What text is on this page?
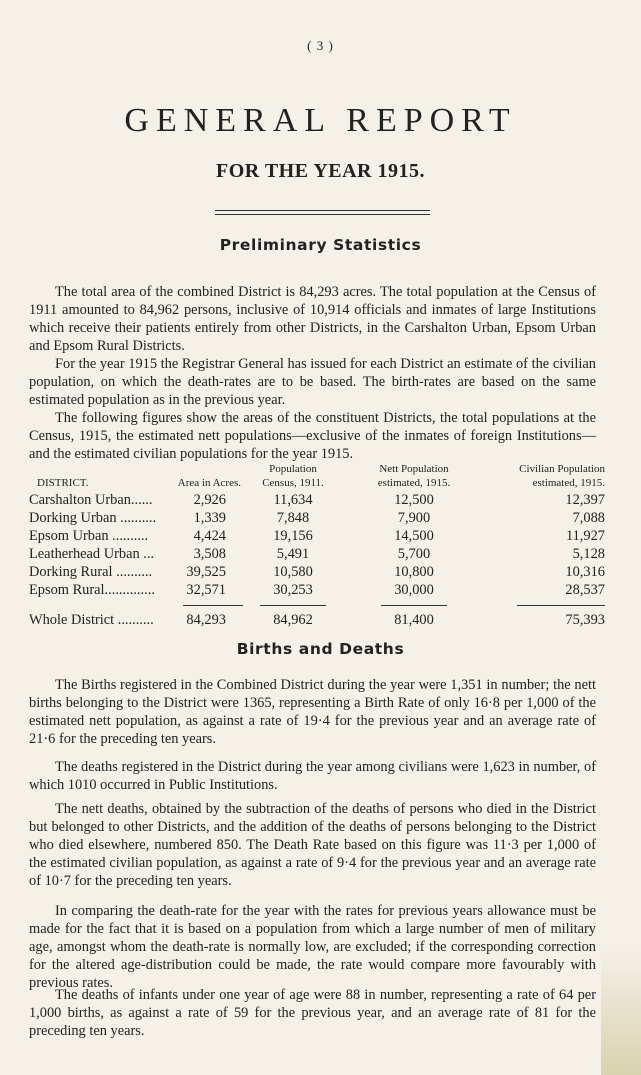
( 3 )
GENERAL REPORT
FOR THE YEAR 1915.
Preliminary Statistics

The total area of the combined District is 84,293 acres. The total population at the Census of 1911 amounted to 84,962 persons, inclusive of 10,914 officials and inmates of large Institutions which receive their patients entirely from other Districts, in the Carshalton Urban, Epsom Urban and Epsom Rural Districts.

For the year 1915 the Registrar General has issued for each District an estimate of the civilian population, on which the death-rates are to be based. The birth-rates are based on the same estimated population as in the previous year.

The following figures show the areas of the constituent Districts, the total populations at the Census, 1915, the estimated nett populations—exclusive of the inmates of foreign Institutions—and the estimated civilian populations for the year 1915.

Population	Nett Population	Civilian Population
DISTRICT.	Area in Acres.	Census, 1911.	estimated, 1915.	estimated, 1915.
Carshalton Urban......	2,926	11,634	12,500	12,397
Dorking Urban ..........	1,339	7,848	7,900	7,088
Epsom Urban ..........	4,424	19,156	14,500	11,927
Leatherhead Urban ...	3,508	5,491	5,700	5,128
Dorking Rural .......... 39,525	10,580	10,800	10,316
Epsom Rural.............. 32,571	30,253	30,000	28,537
Whole District .......... 84,293	84,962	81,400	75,393
Births and Deaths

The Births registered in the Combined District during the year were 1,351 in number; the nett births belonging to the District were 1365, representing a Birth Rate of only 16·8 per 1,000 of the estimated nett population, as against a rate of 19·4 for the previous year and an average rate of 21·6 for the preceding ten years.

The deaths registered in the District during the year among civilians were 1,623 in number, of which 1010 occurred in Public Institutions.

The nett deaths, obtained by the subtraction of the deaths of persons who died in the District but belonged to other Districts, and the addition of the deaths of persons belonging to the District who died elsewhere, numbered 850. The Death Rate based on this figure was 11·3 per 1,000 of the estimated civilian population, as against a rate of 9·4 for the previous year and an average rate of 10·7 for the preceding ten years.

In comparing the death-rate for the year with the rates for previous years allowance must be made for the fact that it is based on a population from which a large number of men of military age, amongst whom the death-rate is normally low, are excluded; if the corresponding correction for the altered age-distribution could be made, the rate would compare more favourably with previous rates.

The deaths of infants under one year of age were 88 in number, representing a rate of 64 per 1,000 births, as against a rate of 59 for the previous year, and an average rate of 81 for the preceding ten years.
